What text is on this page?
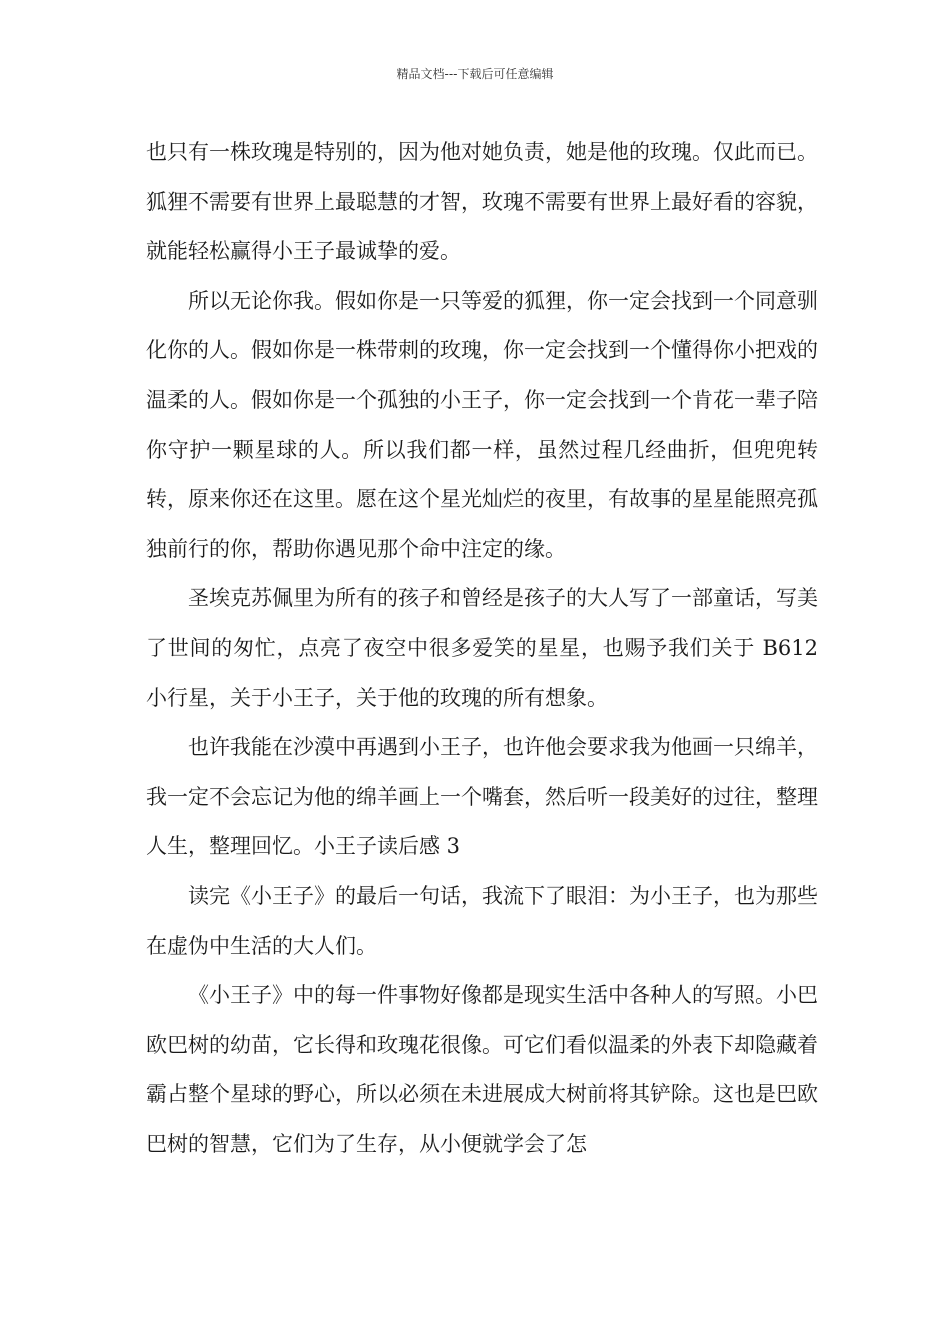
精品文档---下载后可任意编辑

也只有一株玫瑰是特别的，因为他对她负责，她是他的玫瑰。仅此而已。狐狸不需要有世界上最聪慧的才智，玫瑰不需要有世界上最好看的容貌，就能轻松赢得小王子最诚挚的爱。

所以无论你我。假如你是一只等爱的狐狸，你一定会找到一个同意驯化你的人。假如你是一株带刺的玫瑰，你一定会找到一个懂得你小把戏的温柔的人。假如你是一个孤独的小王子，你一定会找到一个肯花一辈子陪你守护一颗星球的人。所以我们都一样，虽然过程几经曲折，但兜兜转转，原来你还在这里。愿在这个星光灿烂的夜里，有故事的星星能照亮孤独前行的你，帮助你遇见那个命中注定的缘。

圣埃克苏佩里为所有的孩子和曾经是孩子的大人写了一部童话，写美了世间的匆忙，点亮了夜空中很多爱笑的星星，也赐予我们关于 B612 小行星，关于小王子，关于他的玫瑰的所有想象。

也许我能在沙漠中再遇到小王子，也许他会要求我为他画一只绵羊，我一定不会忘记为他的绵羊画上一个嘴套，然后听一段美好的过往，整理人生，整理回忆。小王子读后感 3

读完《小王子》的最后一句话，我流下了眼泪：为小王子，也为那些在虚伪中生活的大人们。

《小王子》中的每一件事物好像都是现实生活中各种人的写照。小巴欧巴树的幼苗，它长得和玫瑰花很像。可它们看似温柔的外表下却隐藏着霸占整个星球的野心，所以必须在未进展成大树前将其铲除。这也是巴欧巴树的智慧，它们为了生存，从小便就学会了怎
